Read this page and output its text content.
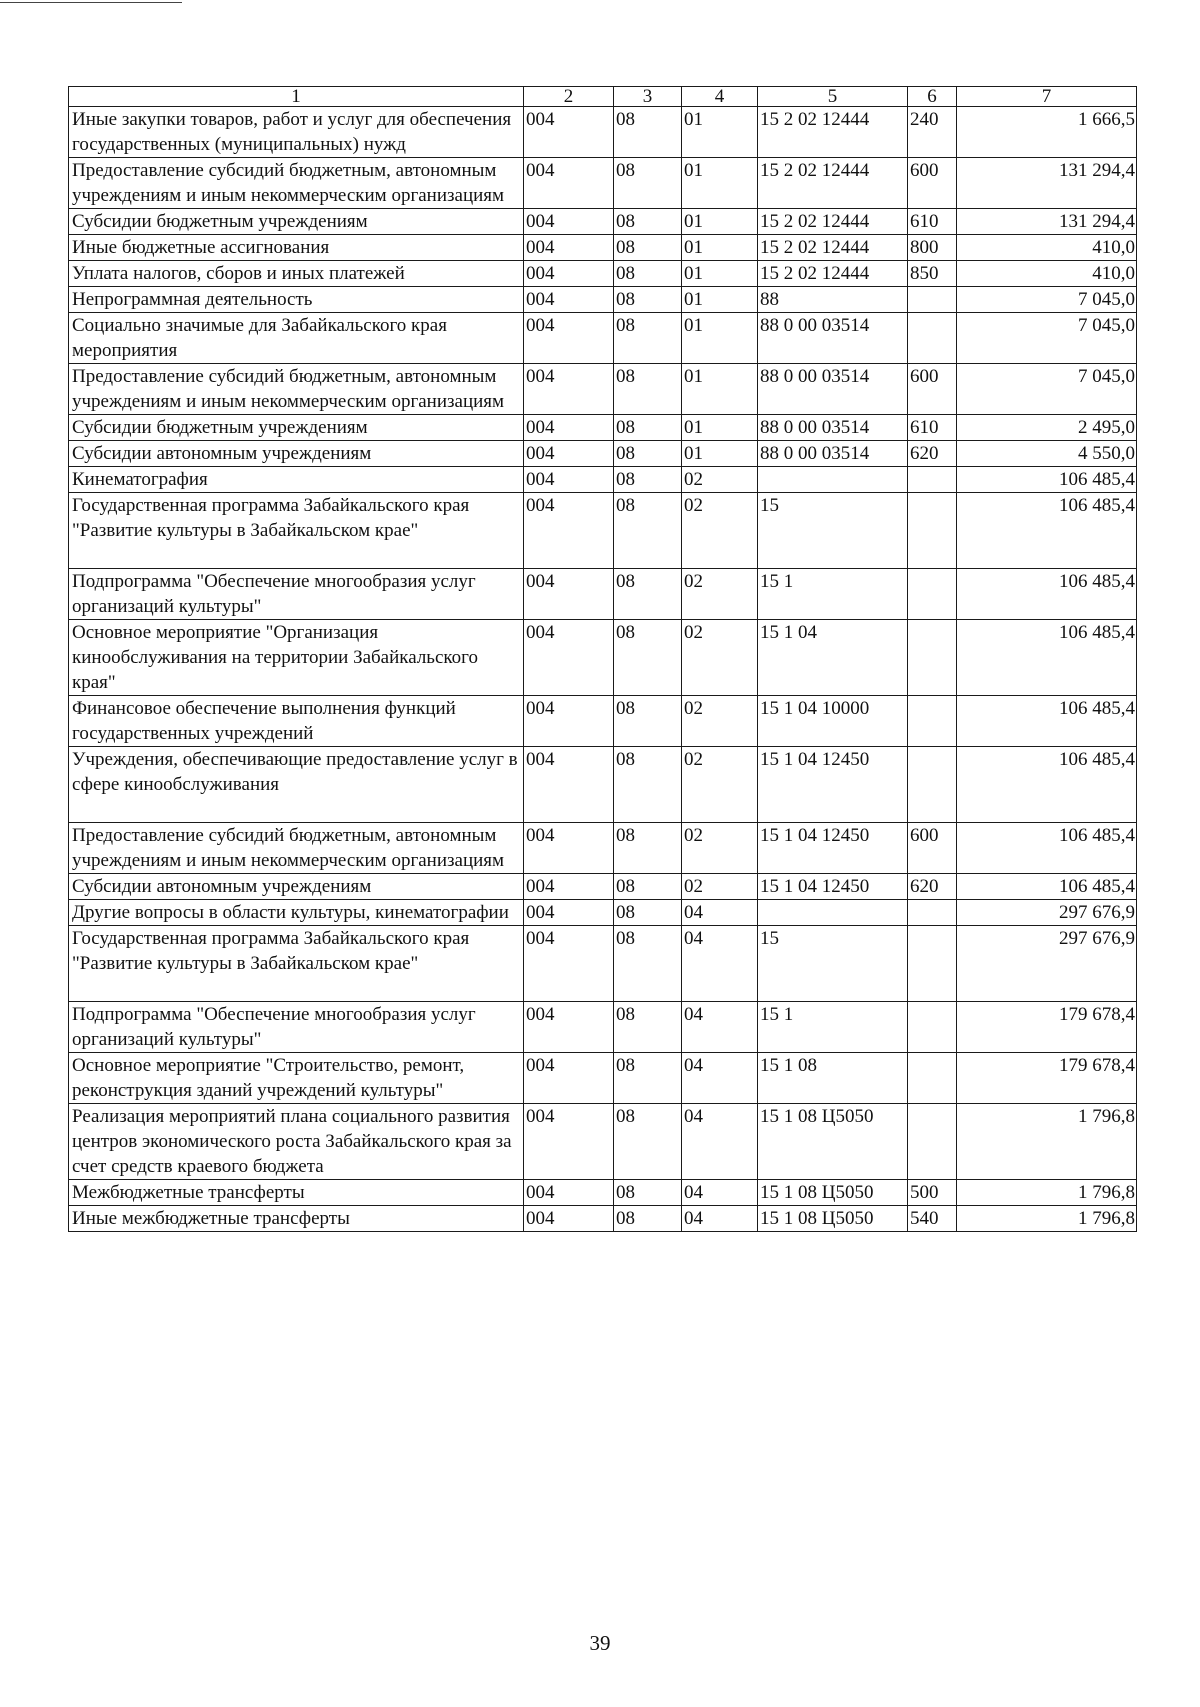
1	2	3	4	5	6	7
Иные закупки товаров, работ и услуг для обеспечения государственных (муниципальных) нужд	004	08	01	15 2 02 12444	240	1 666,5
Предоставление субсидий бюджетным, автономным учреждениям и иным некоммерческим организациям	004	08	01	15 2 02 12444	600	131 294,4
Субсидии бюджетным учреждениям	004	08	01	15 2 02 12444	610	131 294,4
Иные бюджетные ассигнования	004	08	01	15 2 02 12444	800	410,0
Уплата налогов, сборов и иных платежей	004	08	01	15 2 02 12444	850	410,0
Непрограммная деятельность	004	08	01	88		7 045,0
Социально значимые для Забайкальского края мероприятия	004	08	01	88 0 00 03514		7 045,0
Предоставление субсидий бюджетным, автономным учреждениям и иным некоммерческим организациям	004	08	01	88 0 00 03514	600	7 045,0
Субсидии бюджетным учреждениям	004	08	01	88 0 00 03514	610	2 495,0
Субсидии автономным учреждениям	004	08	01	88 0 00 03514	620	4 550,0
Кинематография	004	08	02			106 485,4
Государственная программа Забайкальского края "Развитие культуры в Забайкальском крае"	004	08	02	15		106 485,4
Подпрограмма "Обеспечение многообразия услуг организаций культуры"	004	08	02	15 1		106 485,4
Основное мероприятие "Организация кинообслуживания на территории Забайкальского края"	004	08	02	15 1 04		106 485,4
Финансовое обеспечение выполнения функций государственных учреждений	004	08	02	15 1 04 10000		106 485,4
Учреждения, обеспечивающие предоставление услуг в сфере кинообслуживания	004	08	02	15 1 04 12450		106 485,4
Предоставление субсидий бюджетным, автономным учреждениям и иным некоммерческим организациям	004	08	02	15 1 04 12450	600	106 485,4
Субсидии автономным учреждениям	004	08	02	15 1 04 12450	620	106 485,4
Другие вопросы в области культуры, кинематографии	004	08	04			297 676,9
Государственная программа Забайкальского края "Развитие культуры в Забайкальском крае"	004	08	04	15		297 676,9
Подпрограмма "Обеспечение многообразия услуг организаций культуры"	004	08	04	15 1		179 678,4
Основное мероприятие "Строительство, ремонт, реконструкция зданий учреждений культуры"	004	08	04	15 1 08		179 678,4
Реализация мероприятий плана социального развития центров экономического роста Забайкальского края за счет средств краевого бюджета	004	08	04	15 1 08 Ц5050		1 796,8
Межбюджетные трансферты	004	08	04	15 1 08 Ц5050	500	1 796,8
Иные межбюджетные трансферты	004	08	04	15 1 08 Ц5050	540	1 796,8
39
